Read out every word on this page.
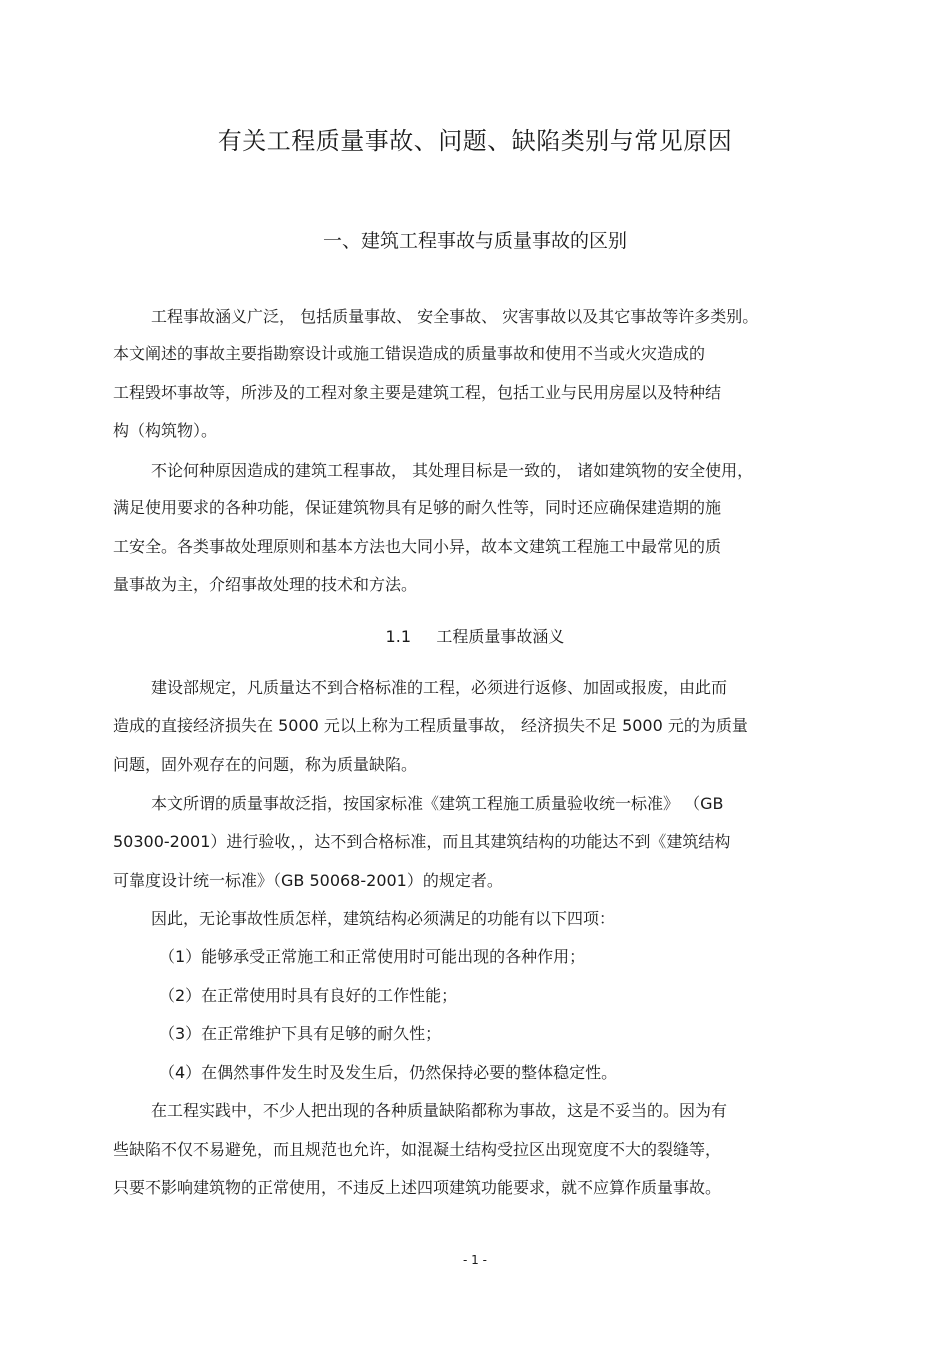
有关工程质量事故、问题、缺陷类别与常见原因
一、建筑工程事故与质量事故的区别
工程事故涵义广泛， 包括质量事故、 安全事故、 灾害事故以及其它事故等许多类别。
本文阐述的事故主要指勘察设计或施工错误造成的质量事故和使用不当或火灾造成的
工程毁坏事故等，所涉及的工程对象主要是建筑工程，包括工业与民用房屋以及特种结
构（构筑物）。
不论何种原因造成的建筑工程事故， 其处理目标是一致的， 诸如建筑物的安全使用，
满足使用要求的各种功能，保证建筑物具有足够的耐久性等，同时还应确保建造期的施
工安全。各类事故处理原则和基本方法也大同小异，故本文建筑工程施工中最常见的质
量事故为主，介绍事故处理的技术和方法。
1.1     工程质量事故涵义
建设部规定，凡质量达不到合格标准的工程，必须进行返修、加固或报废，由此而
造成的直接经济损失在 5000 元以上称为工程质量事故， 经济损失不足 5000 元的为质量
问题，固外观存在的问题，称为质量缺陷。
本文所谓的质量事故泛指，按国家标准《建筑工程施工质量验收统一标准》 （GB
50300-2001）进行验收，，达不到合格标准，而且其建筑结构的功能达不到《建筑结构
可靠度设计统一标准》（GB 50068-2001）的规定者。
因此，无论事故性质怎样，建筑结构必须满足的功能有以下四项：
（1）能够承受正常施工和正常使用时可能出现的各种作用；
（2）在正常使用时具有良好的工作性能；
（3）在正常维护下具有足够的耐久性；
（4）在偶然事件发生时及发生后，仍然保持必要的整体稳定性。
在工程实践中，不少人把出现的各种质量缺陷都称为事故，这是不妥当的。因为有
些缺陷不仅不易避免，而且规范也允许，如混凝土结构受拉区出现宽度不大的裂缝等，
只要不影响建筑物的正常使用，不违反上述四项建筑功能要求，就不应算作质量事故。
- 1 -
